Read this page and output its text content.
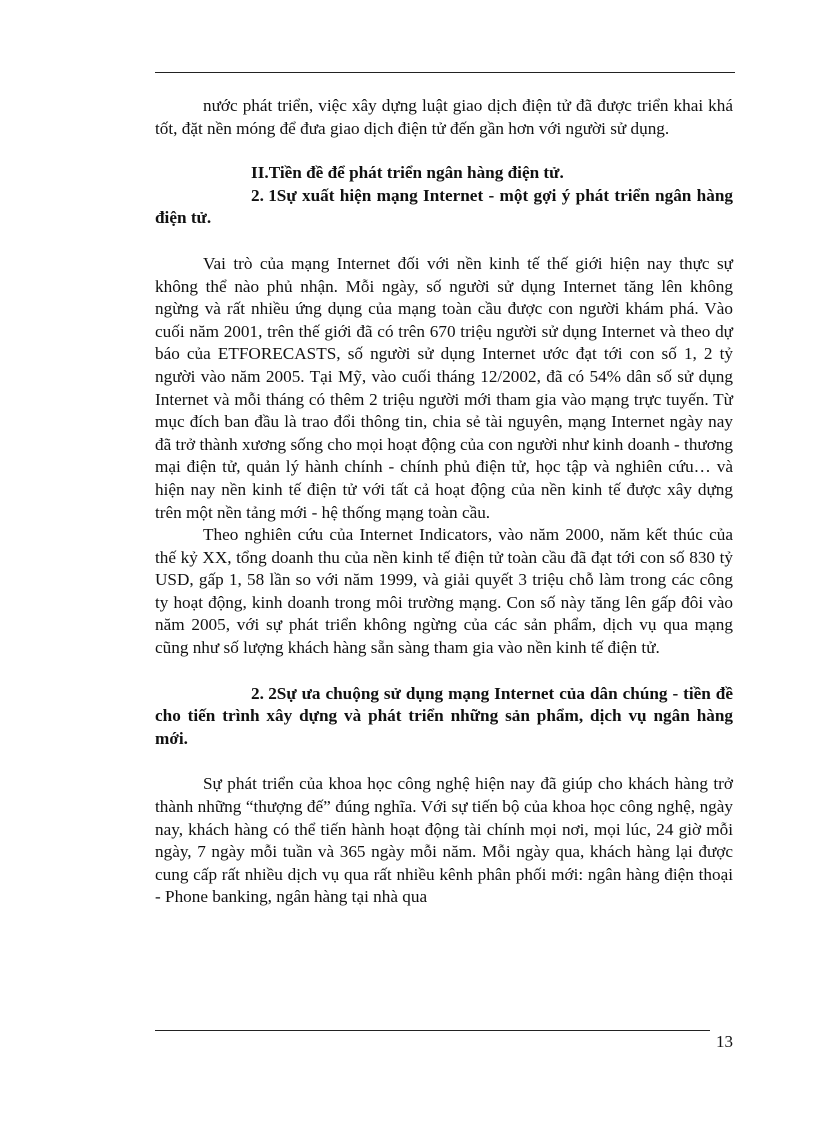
nước phát triển, việc xây dựng luật giao dịch điện tử đã được triển khai khá tốt, đặt nền móng để đưa giao dịch điện tử đến gần hơn với người sử dụng.

II.Tiền đề để phát triển ngân hàng điện tử.
2. 1Sự xuất hiện mạng Internet - một gợi ý phát triển ngân hàng điện tử.

Vai trò của mạng Internet đối với nền kinh tế thế giới hiện nay thực sự không thể nào phủ nhận. Mỗi ngày, số người sử dụng Internet tăng lên không ngừng và rất nhiều ứng dụng của mạng toàn cầu được con người khám phá. Vào cuối năm 2001, trên thế giới đã có trên 670 triệu người sử dụng Internet và theo dự báo của ETFORECASTS, số người sử dụng Internet ước đạt tới con số 1, 2 tỷ người vào năm 2005. Tại Mỹ, vào cuối tháng 12/2002, đã có 54% dân số sử dụng Internet và mỗi tháng có thêm 2 triệu người mới tham gia vào mạng trực tuyến. Từ mục đích ban đầu là trao đổi thông tin, chia sẻ tài nguyên, mạng Internet ngày nay đã trở thành xương sống cho mọi hoạt động của con người như kinh doanh - thương mại điện tử, quản lý hành chính - chính phủ điện tử, học tập và nghiên cứu… và hiện nay nền kinh tế điện tử với tất cả hoạt động của nền kinh tế được xây dựng trên một nền tảng mới - hệ thống mạng toàn cầu.

Theo nghiên cứu của Internet Indicators, vào năm 2000, năm kết thúc của thế kỷ XX, tổng doanh thu của nền kinh tế điện tử toàn cầu đã đạt tới con số 830 tỷ USD, gấp 1, 58 lần so với năm 1999, và giải quyết 3 triệu chỗ làm trong các công ty hoạt động, kinh doanh trong môi trường mạng. Con số này tăng lên gấp đôi vào năm 2005, với sự phát triển không ngừng của các sản phẩm, dịch vụ qua mạng cũng như số lượng khách hàng sẵn sàng tham gia vào nền kinh tế điện tử.

2. 2Sự ưa chuộng sử dụng mạng Internet của dân chúng - tiền đề cho tiến trình xây dựng và phát triển những sản phẩm, dịch vụ ngân hàng mới.

Sự phát triển của khoa học công nghệ hiện nay đã giúp cho khách hàng trở thành những “thượng đế” đúng nghĩa. Với sự tiến bộ của khoa học công nghệ, ngày nay, khách hàng có thể tiến hành hoạt động tài chính mọi nơi, mọi lúc, 24 giờ mỗi ngày, 7 ngày mỗi tuần và 365 ngày mỗi năm. Mỗi ngày qua, khách hàng lại được cung cấp rất nhiều dịch vụ qua rất nhiều kênh phân phối mới: ngân hàng điện thoại - Phone banking, ngân hàng tại nhà qua

13
